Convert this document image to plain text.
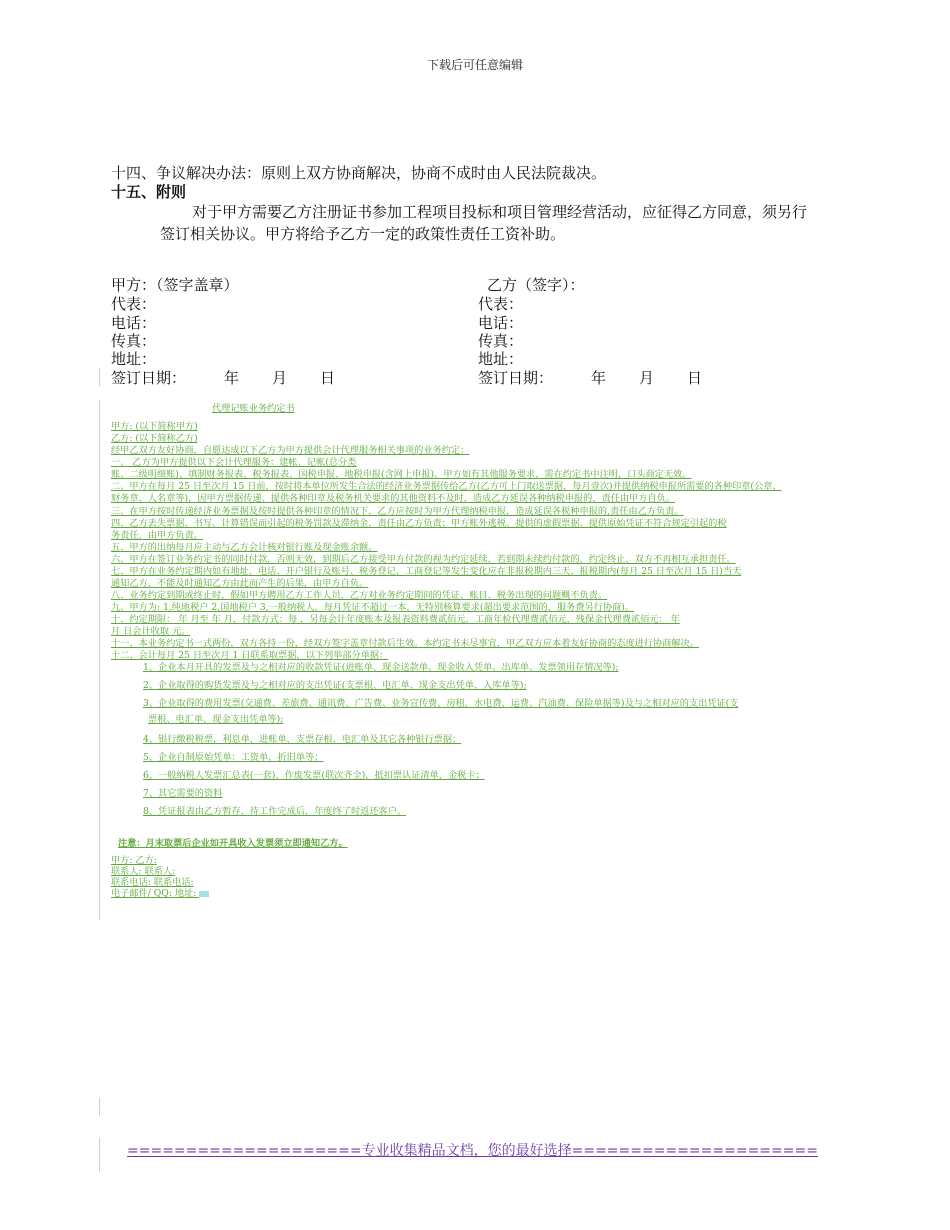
下载后可任意编辑
十四、争议解决办法：原则上双方协商解决，协商不成时由人民法院裁决。
十五、附则
对于甲方需要乙方注册证书参加工程项目投标和项目管理经营活动，应征得乙方同意，须另行签订相关协议。甲方将给予乙方一定的政策性责任工资补助。
甲方：（签字盖章）	乙方（签字）：
代表：	代表：
电话：	电话：
传真：	传真：
地址：	地址：
签订日期：	年 月 日	签订日期：	年 月 日
代理记账业务约定书
甲方: (以下简称甲方)
乙方: (以下简称乙方)
经甲乙双方友好协商，自愿达成以下乙方为甲方提供会计代理服务相关事项的业务约定：
一、 乙方为甲方提供以下会计代理服务：建帐、记帐(总分类
账、二级明细账)、填制财务报表、税务报表、国税申报、地税申报(含网上申报)。甲方如有其他服务要求，需在约定书中注明，口头商定无效。
二、甲方在每月 25 日至次月 15 日前，按时将本单位所发生合法的经济业务票据传给乙方(乙方可上门取送票据，每月壹次)并提供纳税申报所需要的各种印章(公章、
财务章、人名章等)，因甲方票据传递、提供各种印章及税务机关要求的其他资料不及时，造成乙方延误各种纳税申报的，责任由甲方自负。
三、在甲方按时传递经济业务票据及按时提供各种印章的情况下，乙方应按时为甲方代理纳税申报，造成延误各税种申报的,责任由乙方负责。
四、乙方丢失票据、书写、计算错误而引起的税务罚款及滞纳金，责任由乙方负责；甲方账外逃税、提供的虚假票据、提供原始凭证不符合规定引起的税
务责任，由甲方负责。
五、甲方的出纳每月应主动与乙方会计核对银行账及现金账余额。
六、甲方在签订业务约定书的同时付款，否则无效，到期后乙方接受甲方付款的视为约定延续，若到期未续约付款的，约定终止，双方不再相互承担责任。
七、甲方在业务约定期内如有地址、电话、开户银行及账号、税务登记、工商登记等发生变化应在非报税期内三天、报税期内(每月 25 日至次月 15 日)当天
通知乙方，不能及时通知乙方由此而产生的后果，由甲方自负。
八、业务约定到期或终止时，假如甲方聘用乙方工作人员，乙方对业务约定期间的凭证、账目、税务出现的问题概不负责。
九、甲方为: 1,纯地税户 2,国地税户 3,一般纳税人，每月凭证不超过一本，无特别核算要求(超出要求范围的，服务费另行协商)。
十、约定期限： 年 月至 年 月，付款方式：每 ，另每会计年度账本及报表资料费贰佰元，工商年检代理费贰佰元，残保金代理费贰佰元： 年
月 日会计收取 元。
十一、本业务约定书一式两份，双方各持一份，经双方签字盖章付款后生效。本约定书未尽事宜，甲乙双方应本着友好协商的态度进行协商解决。
十二、会计每月 25 日至次月 1 日联系取票据，以下列举部分单据：
1、企业本月开具的发票及与之相对应的收款凭证(进账单、现金送款单、现金收入凭单、出库单、发票领用存情况等);
2、企业取得的购货发票及与之相对应的支出凭证(支票根、电汇单、现金支出凭单、入库单等);
3、企业取得的费用发票(交通费、差旅费、通讯费、广告费、业务宣传费、房租、水电费、运费、汽油费、保险单据等)及与之相对应的支出凭证(支
票根、电汇单、现金支出凭单等);
4、银行缴税税票，利息单，进账单，支票存根，电汇单及其它各种银行票据；
5、企业自制原始凭单：工资单，折旧单等；
6、一般纳税人发票汇总表(一套)，作废发票(联次齐全)，抵扣票认证清单，金税卡；
7、其它需要的资料
8、凭证报表由乙方暂存，待工作完成后，年度终了时返还客户。
注意：月末取票后企业如开具收入发票须立即通知乙方。
甲方: 乙方:
联系人: 联系人:
联系电话: 联系电话:
电子邮件/ QQ: 地址:
====================专业收集精品文档，您的最好选择=====================
